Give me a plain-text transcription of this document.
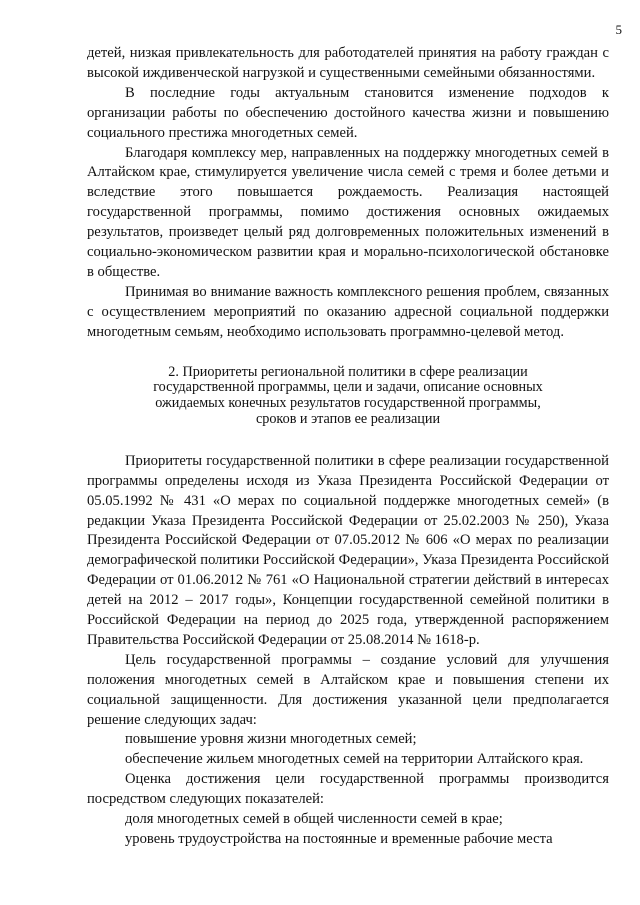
5

детей, низкая привлекательность для работодателей принятия на работу граждан с высокой иждивенческой нагрузкой и существенными семейными обязанностями.

В последние годы актуальным становится изменение подходов к организации работы по обеспечению достойного качества жизни и повышению социального престижа многодетных семей.

Благодаря комплексу мер, направленных на поддержку многодетных семей в Алтайском крае, стимулируется увеличение числа семей с тремя и более детьми и вследствие этого повышается рождаемость. Реализация настоящей государственной программы, помимо достижения основных ожидаемых результатов, произведет целый ряд долговременных положительных изменений в социально-экономическом развитии края и морально-психологической обстановке в обществе.

Принимая во внимание важность комплексного решения проблем, связанных с осуществлением мероприятий по оказанию адресной социальной поддержки многодетным семьям, необходимо использовать программно-целевой метод.

2. Приоритеты региональной политики в сфере реализации
государственной программы, цели и задачи, описание основных
ожидаемых конечных результатов государственной программы,
сроков и этапов ее реализации

Приоритеты государственной политики в сфере реализации государственной программы определены исходя из Указа Президента Российской Федерации от 05.05.1992 № 431 «О мерах по социальной поддержке многодетных семей» (в редакции Указа Президента Российской Федерации от 25.02.2003 № 250), Указа Президента Российской Федерации от 07.05.2012 № 606 «О мерах по реализации демографической политики Российской Федерации», Указа Президента Российской Федерации от 01.06.2012 № 761 «О Национальной стратегии действий в интересах детей на 2012 – 2017 годы», Концепции государственной семейной политики в Российской Федерации на период до 2025 года, утвержденной распоряжением Правительства Российской Федерации от 25.08.2014 № 1618-р.

Цель государственной программы – создание условий для улучшения положения многодетных семей в Алтайском крае и повышения степени их социальной защищенности. Для достижения указанной цели предполагается решение следующих задач:

повышение уровня жизни многодетных семей;

обеспечение жильем многодетных семей на территории Алтайского края.

Оценка достижения цели государственной программы производится посредством следующих показателей:

доля многодетных семей в общей численности семей в крае;

уровень трудоустройства на постоянные и временные рабочие места
